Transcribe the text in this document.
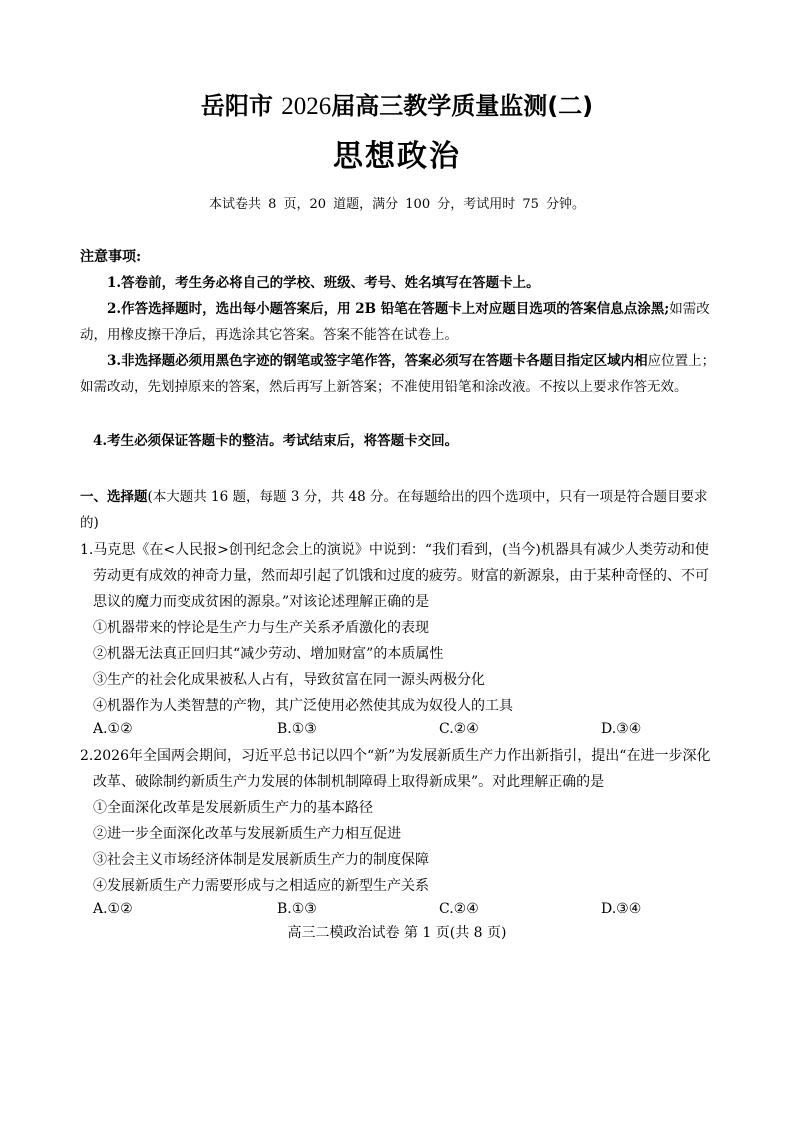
岳阳市 2026届高三教学质量监测(二)
思想政治
本试卷共 8 页，20 道题，满分 100 分，考试用时 75 分钟。
注意事项:
1.答卷前，考生务必将自己的学校、班级、考号、姓名填写在答题卡上。
2.作答选择题时，选出每小题答案后，用 2B 铅笔在答题卡上对应题目选项的答案信息点涂黑;如需改动，用橡皮擦干净后，再选涂其它答案。答案不能答在试卷上。
3.非选择题必须用黑色字迹的钢笔或签字笔作答，答案必须写在答题卡各题目指定区域内相应位置上；如需改动，先划掉原来的答案，然后再写上新答案；不准使用铅笔和涂改液。不按以上要求作答无效。
4.考生必须保证答题卡的整洁。考试结束后，将答题卡交回。
一、选择题(本大题共 16 题，每题 3 分，共 48 分。在每题给出的四个选项中，只有一项是符合题目要求的)
1.马克思《在<人民报>创刊纪念会上的演说》中说到：“我们看到，(当今)机器具有减少人类劳动和使劳动更有成效的神奇力量，然而却引起了饥饿和过度的疲劳。财富的新源泉，由于某种奇怪的、不可思议的魔力而变成贫困的源泉。”对该论述理解正确的是
①机器带来的悖论是生产力与生产关系矛盾激化的表现
②机器无法真正回归其“减少劳动、增加财富”的本质属性
③生产的社会化成果被私人占有，导致贫富在同一源头两极分化
④机器作为人类智慧的产物，其广泛使用必然使其成为奴役人的工具
A.①②	B.①③	C.②④	D.③④
2.2026年全国两会期间，习近平总书记以四个“新”为发展新质生产力作出新指引，提出“在进一步深化改革、破除制约新质生产力发展的体制机制障碍上取得新成果”。对此理解正确的是
①全面深化改革是发展新质生产力的基本路径
②进一步全面深化改革与发展新质生产力相互促进
③社会主义市场经济体制是发展新质生产力的制度保障
④发展新质生产力需要形成与之相适应的新型生产关系
A.①②	B.①③	C.②④	D.③④
高三二模政治试卷 第 1 页(共 8 页)
